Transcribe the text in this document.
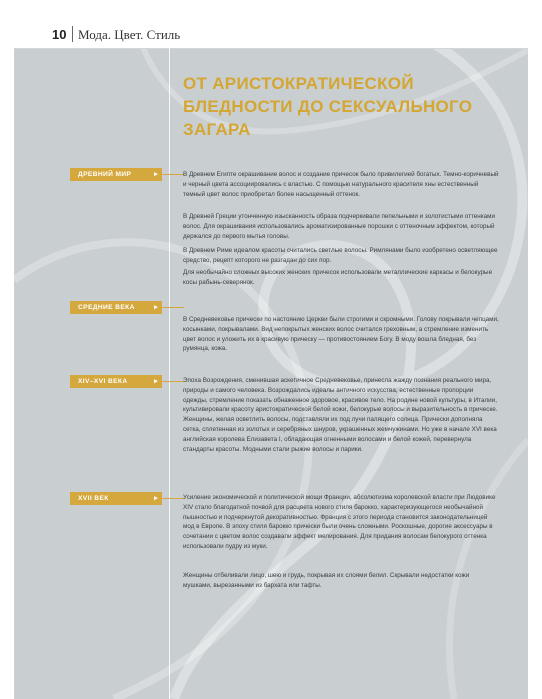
10 Мода. Цвет. Стиль
ОТ АРИСТОКРАТИЧЕСКОЙ
БЛЕДНОСТИ ДО СЕКСУАЛЬНОГО
ЗАГАРА
ДРЕВНИЙ МИР	▸	В Древнем Египте окрашивание волос и создание причесок было привилегией богатых. Темно-коричневый и черный цвета ассоциировались с властью. С помощью натурального красителя хны естественный темный цвет волос приобретал более насыщенный оттенок.

В Древней Греции утонченную изысканность образа подчеркивали пепельными и золотистыми оттенками волос. Для окрашивания использовались ароматизированные порошки с оттеночным эффектом, который держался до первого мытья головы.

В Древнем Риме идеалом красоты считались светлые волосы. Римлянами было изобретено осветляющее средство, рецепт которого не разгадан до сих пор.

Для необычайно сложных высоких женских причесок использовали металлические каркасы и белокурые косы рабынь-северянок.

СРЕДНИЕ ВЕКА	▸

В Средневековье прически по настоянию Церкви были строгими и скромными. Голову покрывали чепцами, косынками, покрывалами. Вид непокрытых женских волос считался греховным, а стремление изменить цвет волос и уложить их в красивую прическу — противостоянием Богу. В моду вошла бледная, без румянца, кожа.

XIV–XVI ВЕКА	▸	Эпоха Возрождения, сменившая аскетичное Средневековье, принесла жажду познания реального мира, природы и самого человека. Возрождались идеалы античного искусства, естественные пропорции одежды, стремление показать обнаженное здоровое, красивое тело. На родине новой культуры, в Италии, культивировали красоту аристократической белой кожи, белокурые волосы и выразительность в прическе. Женщины, желая осветлить волосы, подставляли их под лучи палящего солнца. Прически дополняла сетка, сплетенная из золотых и серебряных шнуров, украшенных жемчужинами. Но уже в начале XVI века английская королева Елизавета I, обладающая огненными волосами и белой кожей, перевернула стандарты красоты. Модными стали рыжие волосы и парики.

XVII ВЕК	▸	Усиление экономической и политической мощи Франции, абсолютизма королевской власти при Людовике XIV стало благодатной почвой для расцвета нового стиля барокко, характеризующегося необычайной пышностью и подчеркнутой декоративностью. Франция с этого периода становится законодательницей мод в Европе. В эпоху стиля барокко прически были очень сложными. Роскошные, дорогие аксессуары в сочетании с цветом волос создавали эффект мелирования. Для придания волосам белокурого оттенка использовали пудру из муки.

Женщины отбеливали лицо, шею и грудь, покрывая их слоями белил. Скрывали недостатки кожи мушками, вырезанными из бархата или тафты.
